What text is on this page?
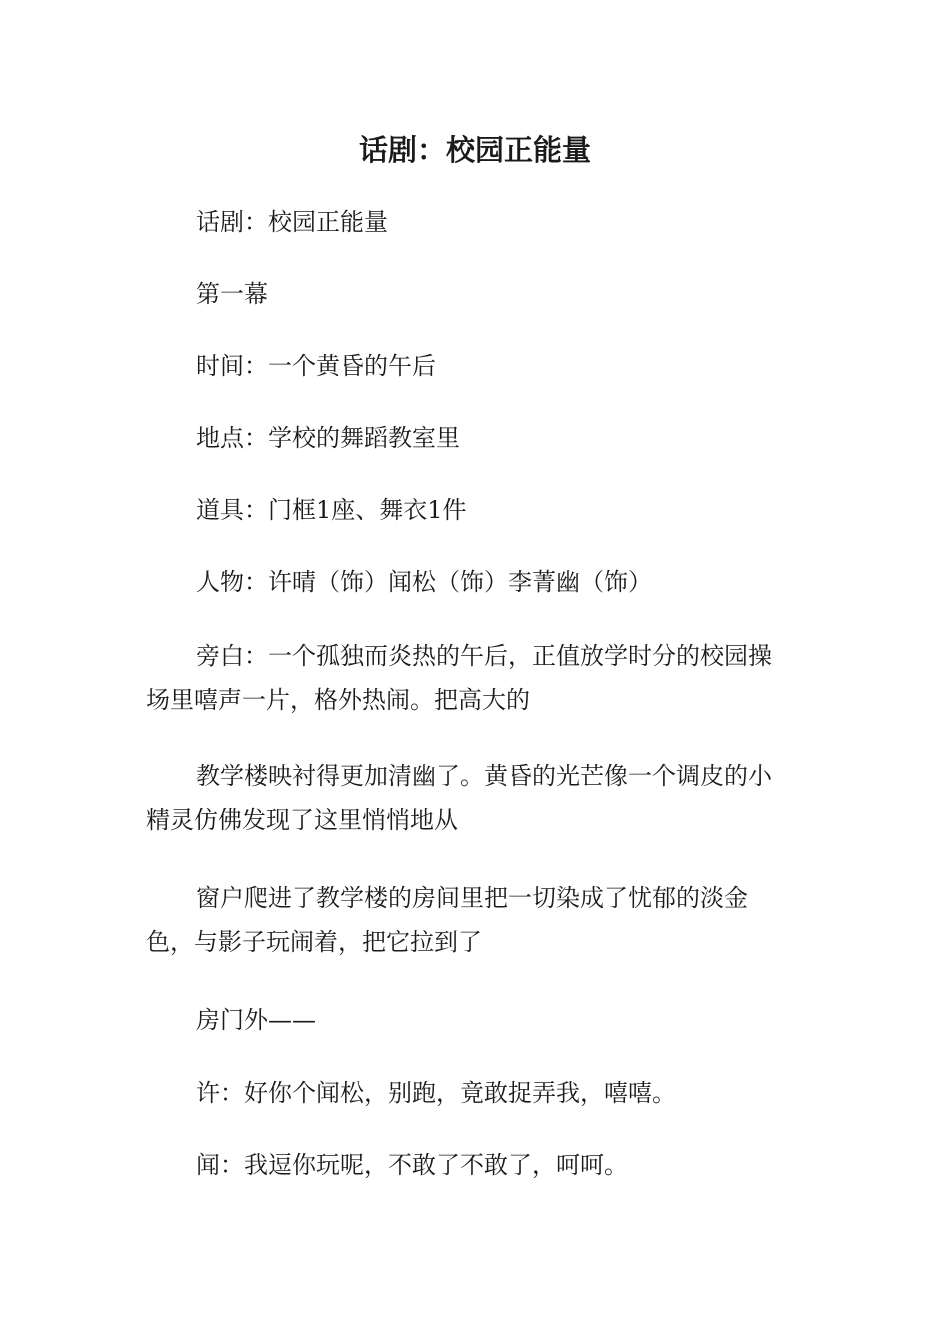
话剧：校园正能量

话剧：校园正能量

第一幕

时间：一个黄昏的午后

地点：学校的舞蹈教室里

道具：门框1座、舞衣1件

人物：许晴（饰）闻松（饰）李菁幽（饰）

旁白：一个孤独而炎热的午后，正值放学时分的校园操场里嘻声一片，格外热闹。把高大的

教学楼映衬得更加清幽了。黄昏的光芒像一个调皮的小精灵仿佛发现了这里悄悄地从

窗户爬进了教学楼的房间里把一切染成了忧郁的淡金色，与影子玩闹着，把它拉到了

房门外——

许：好你个闻松，别跑，竟敢捉弄我，嘻嘻。

闻：我逗你玩呢，不敢了不敢了，呵呵。
